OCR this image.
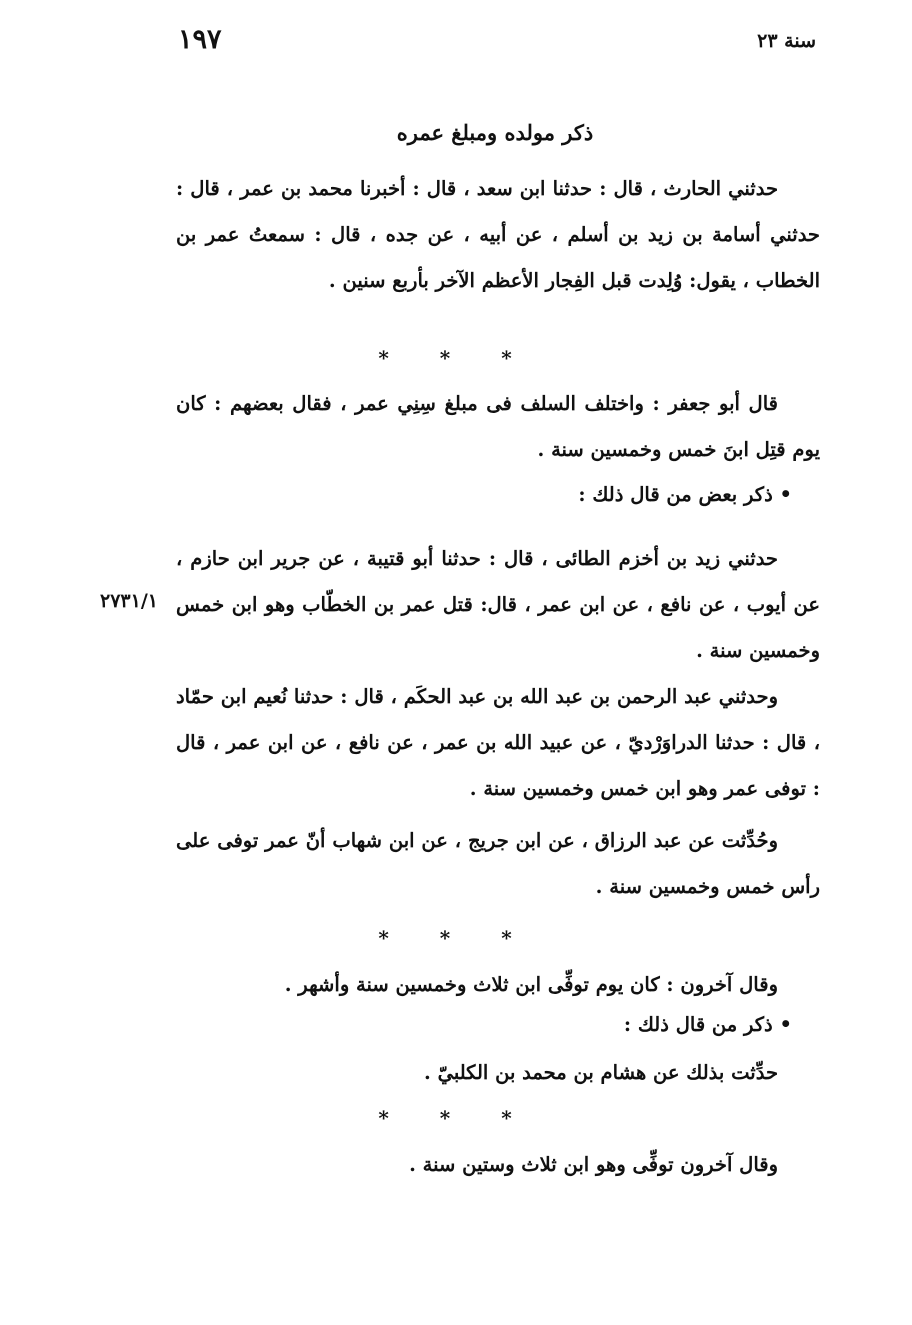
١٩٧	سنة ٢٣
ذكر مولده ومبلغ عمره
حدثني الحارث ، قال : حدثنا ابن سعد ، قال : أخبرنا محمد بن عمر ، قال : حدثني أسامة بن زيد بن أسلم ، عن أبيه ، عن جده ، قال : سمعتُ عمر بن الخطاب ، يقول: وُلِدت قبل الفِجار الأعظم الآخر بأربع سنين .
* * *
قال أبو جعفر : واختلف السلف فى مبلغ سِنِي عمر ، فقال بعضهم : كان يوم قتِل ابنَ خمس وخمسين سنة .
• ذكر بعض من قال ذلك :
حدثني زيد بن أخزم الطائى ، قال : حدثنا أبو قتيبة ، عن جرير ابن حازم ، عن أيوب ، عن نافع ، عن ابن عمر ، قال: قتل عمر بن الخطّاب وهو ابن خمس وخمسين سنة .
٢٧٣١/١
وحدثني عبد الرحمن بن عبد الله بن عبد الحكَم ، قال : حدثنا نُعيم ابن حمّاد ، قال : حدثنا الدراوَرْديّ ، عن عبيد الله بن عمر ، عن نافع ، عن ابن عمر ، قال : توفى عمر وهو ابن خمس وخمسين سنة .
وحُدِّثت عن عبد الرزاق ، عن ابن جريج ، عن ابن شهاب أنّ عمر توفى على رأس خمس وخمسين سنة .
* * *
وقال آخرون : كان يوم توفِّى ابن ثلاث وخمسين سنة وأشهر .
• ذكر من قال ذلك :
حدِّثت بذلك عن هشام بن محمد بن الكلبيّ .
* * *
وقال آخرون توفِّى وهو ابن ثلاث وستين سنة .
